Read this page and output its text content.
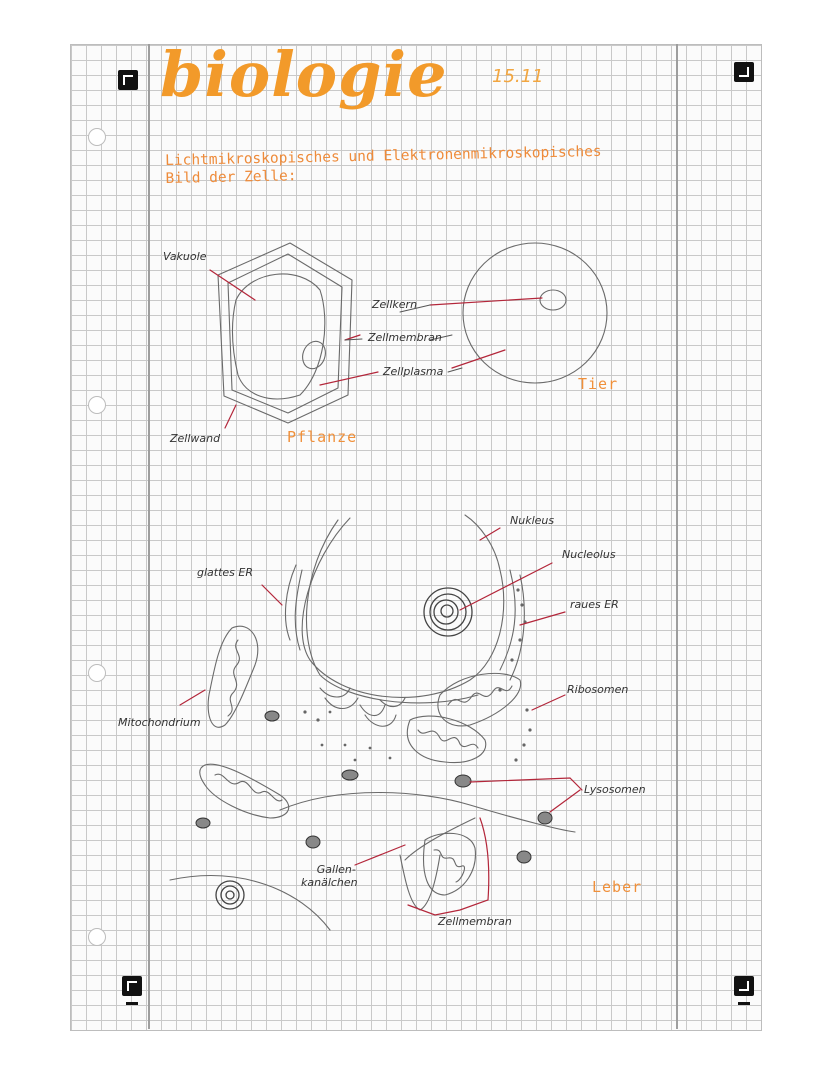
biologie 15.11
Lichtmikroskopisches und Elektronenmikroskopisches
Bild der Zelle:
Vakuole
Zellkern
Zellmembran
Zellplasma
Zellwand	Pflanze
Tier
Nukleus
Nucleolus
glattes ER
raues ER
Ribosomen
Mitochondrium
Lysosomen
Gallen-
kanälchen
Zellmembran
Leber
